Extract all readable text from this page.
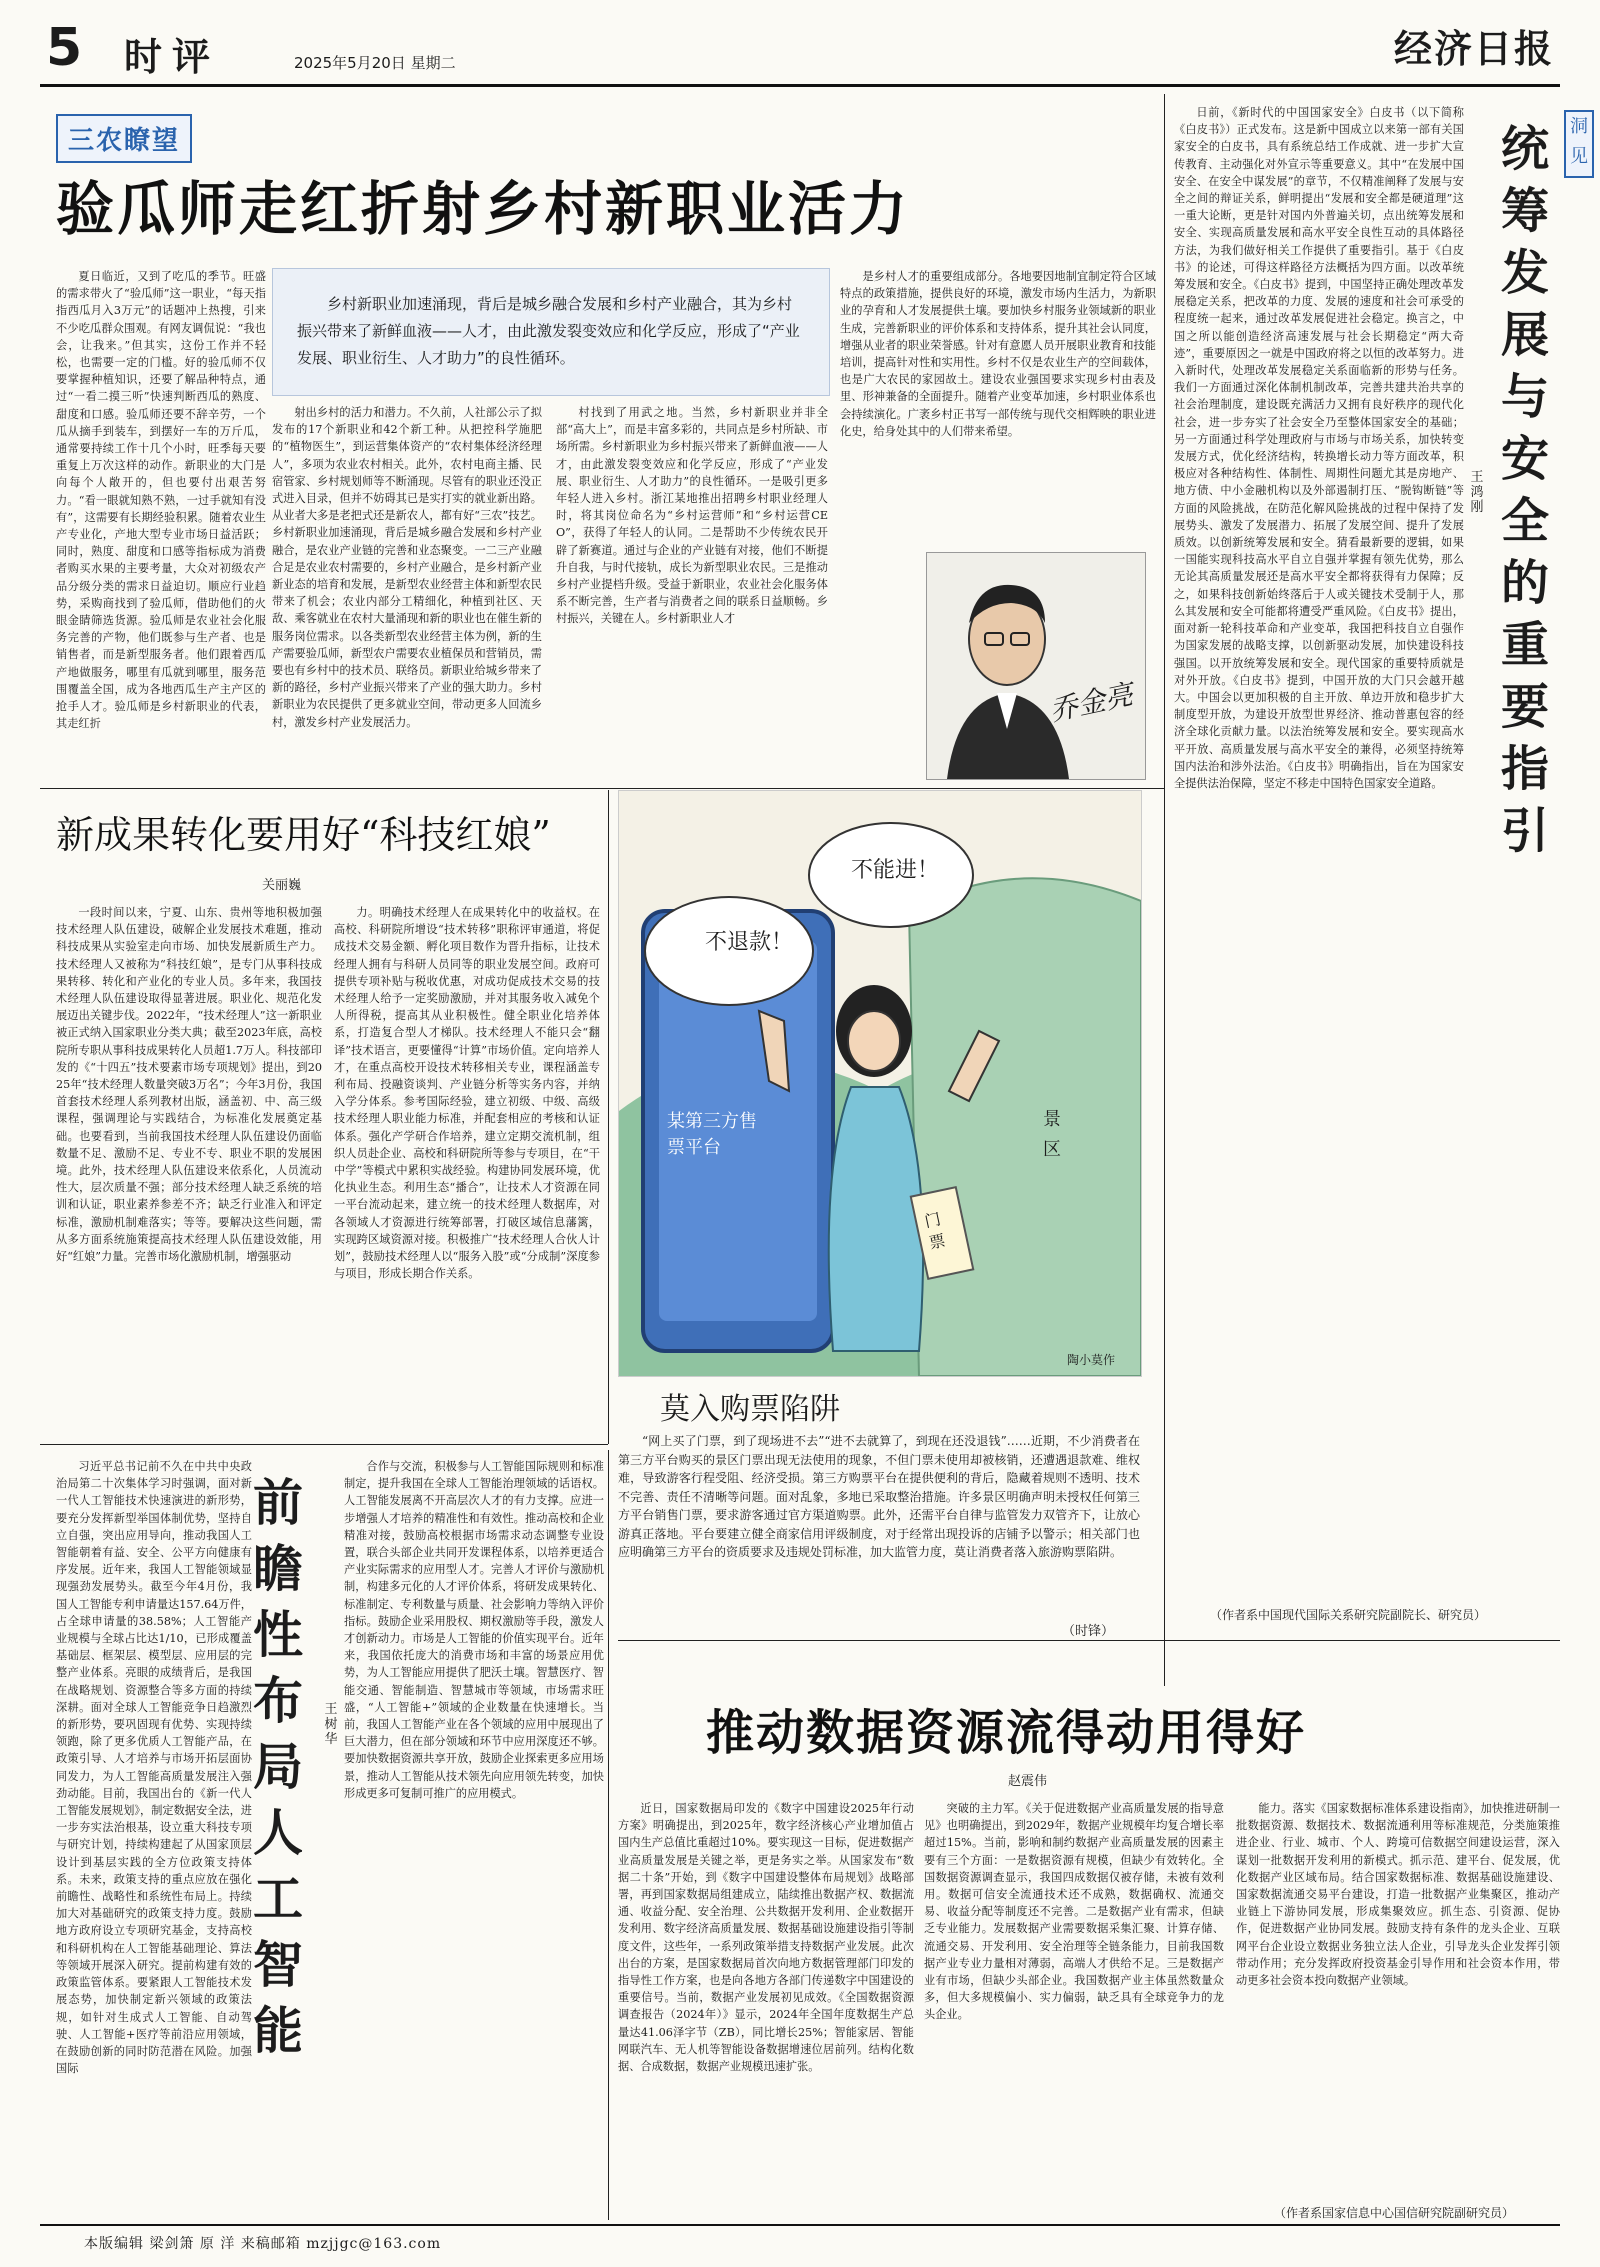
5 时评	2025年5月20日 星期二	经济日报
三农瞭望
验瓜师走红折射乡村新职业活力
乡村新职业加速涌现，背后是城乡融合发展和乡村产业融合，其为乡村振兴带来了新鲜血液——人才，由此激发裂变效应和化学反应，形成了“产业发展、职业衍生、人才助力”的良性循环。

夏日临近，又到了吃瓜的季节。旺盛的需求带火了“验瓜师”这一职业，“每天指指西瓜月入3万元”的话题冲上热搜，引来不少吃瓜群众围观。有网友调侃说：“我也会，让我来。”但其实，这份工作并不轻松，也需要一定的门槛。好的验瓜师不仅要掌握种植知识，还要了解品种特点，通过“一看二摸三听”快速判断西瓜的熟度、甜度和口感。验瓜师还要不辞辛劳，一个瓜从摘手到装车，到摆好一车的万斤瓜，通常要持续工作十几个小时，旺季每天要重复上万次这样的动作。新职业的大门是向每个人敞开的，但也要付出艰苦努力。“看一眼就知熟不熟，一过手就知有没有”，这需要有长期经验积累。随着农业生产专业化，产地大型专业市场日益活跃；同时，熟度、甜度和口感等指标成为消费者购买水果的主要考量，大众对初级农产品分级分类的需求日益迫切。顺应行业趋势，采购商找到了验瓜师，借助他们的火眼金睛筛选货源。验瓜师是农业社会化服务完善的产物，他们既参与生产者、也是销售者，而是新型服务者。他们跟着西瓜产地做服务，哪里有瓜就到哪里，服务范围覆盖全国，成为各地西瓜生产主产区的抢手人才。验瓜师是乡村新职业的代表，其走红折

射出乡村的活力和潜力。不久前，人社部公示了拟发布的17个新职业和42个新工种。从把控科学施肥的“植物医生”，到运营集体资产的“农村集体经济经理人”，多项为农业农村相关。此外，农村电商主播、民宿管家、乡村规划师等不断涌现。尽管有的职业还没正式进入目录，但并不妨碍其已是实打实的就业新出路。从业者大多是老把式还是新农人，都有好“三农”技艺。乡村新职业加速涌现，背后是城乡融合发展和乡村产业融合，是农业产业链的完善和业态聚变。一二三产业融合足是农业农村需要的，乡村产业融合，是乡村新产业新业态的培育和发展，是新型农业经营主体和新型农民带来了机会；农业内部分工精细化，种植到社区、天敌、乘客就业在农村大量涌现和新的职业也在催生新的服务岗位需求。以各类新型农业经营主体为例，新的生产需要验瓜师，新型农户需要农业植保员和营销员，需要也有乡村中的技术员、联络员。新职业给城乡带来了新的路径，乡村产业振兴带来了产业的强大助力。乡村新职业为农民提供了更多就业空间，带动更多人回流乡村，激发乡村产业发展活力。

村找到了用武之地。当然，乡村新职业并非全部“高大上”，而是丰富多彩的，共同点是乡村所缺、市场所需。乡村新职业为乡村振兴带来了新鲜血液——人才，由此激发裂变效应和化学反应，形成了“产业发展、职业衍生、人才助力”的良性循环。一是吸引更多年轻人进入乡村。浙江某地推出招聘乡村职业经理人时，将其岗位命名为“乡村运营师”和“乡村运营CEO”，获得了年轻人的认同。二是帮助不少传统农民开辟了新赛道。通过与企业的产业链有对接，他们不断提升自我，与时代接轨，成长为新型职业农民。三是推动乡村产业提档升级。受益于新职业，农业社会化服务体系不断完善，生产者与消费者之间的联系日益顺畅。乡村振兴，关键在人。乡村新职业人才

是乡村人才的重要组成部分。各地要因地制宜制定符合区域特点的政策措施，提供良好的环境，激发市场内生活力，为新职业的孕育和人才发展提供土壤。要加快乡村服务业领域新的职业生成，完善新职业的评价体系和支持体系，提升其社会认同度，增强从业者的职业荣誉感。针对有意愿人员开展职业教育和技能培训，提高针对性和实用性。乡村不仅是农业生产的空间载体，也是广大农民的家园故土。建设农业强国要求实现乡村由表及里、形神兼备的全面提升。随着产业变革加速，乡村职业体系也会持续演化。广袤乡村正书写一部传统与现代交相辉映的职业进化史，给身处其中的人们带来希望。

乔金亮
新成果转化要用好“科技红娘”
关丽巍

一段时间以来，宁夏、山东、贵州等地积极加强技术经理人队伍建设，破解企业发展技术难题，推动科技成果从实验室走向市场、加快发展新质生产力。技术经理人又被称为“科技红娘”，是专门从事科技成果转移、转化和产业化的专业人员。多年来，我国技术经理人队伍建设取得显著进展。职业化、规范化发展迈出关键步伐。2022年，“技术经理人”这一新职业被正式纳入国家职业分类大典；截至2023年底，高校院所专职从事科技成果转化人员超1.7万人。科技部印发的《“十四五”技术要素市场专项规划》提出，到2025年“技术经理人数量突破3万名”；今年3月份，我国首套技术经理人系列教材出版，涵盖初、中、高三级课程，强调理论与实践结合，为标准化发展奠定基础。也要看到，当前我国技术经理人队伍建设仍面临数量不足、激励不足、专业不专、职业不职的发展困境。此外，技术经理人队伍建设来依系化，人员流动性大，层次质量不强；部分技术经理人缺乏系统的培训和认证，职业素养参差不齐；缺乏行业准入和评定标准，激励机制难落实；等等。要解决这些问题，需从多方面系统施策提高技术经理人队伍建设效能，用好“红娘”力量。完善市场化激励机制，增强驱动

力。明确技术经理人在成果转化中的收益权。在高校、科研院所增设“技术转移”职称评审通道，将促成技术交易金额、孵化项目数作为晋升指标，让技术经理人拥有与科研人员同等的职业发展空间。政府可提供专项补贴与税收优惠，对成功促成技术交易的技术经理人给予一定奖励激励，并对其服务收入减免个人所得税，提高其从业积极性。健全职业化培养体系，打造复合型人才梯队。技术经理人不能只会“翻译”技术语言，更要懂得“计算”市场价值。定向培养人才，在重点高校开设技术转移相关专业，课程涵盖专利布局、投融资谈判、产业链分析等实务内容，并纳入学分体系。参考国际经验，建立初级、中级、高级技术经理人职业能力标准，并配套相应的考核和认证体系。强化产学研合作培养，建立定期交流机制，组织人员赴企业、高校和科研院所等参与专项目，在“干中学”等模式中累积实战经验。构建协同发展环境，优化执业生态。利用生态“播合”，让技术人才资源在同一平台流动起来，建立统一的技术经理人数据库，对各领域人才资源进行统筹部署，打破区域信息藩篱，实现跨区域资源对接。积极推广“技术经理人合伙人计划”，鼓励技术经理人以“服务入股”或“分成制”深度参与项目，形成长期合作关系。

不退款！
不能进！
某第三方售票平台
景区
门票
陶小莫作
莫入购票陷阱

“网上买了门票，到了现场进不去”“进不去就算了，到现在还没退钱”……近期，不少消费者在第三方平台购买的景区门票出现无法使用的现象，不但门票未使用却被核销，还遭遇退款难、维权难，导致游客行程受阻、经济受损。第三方购票平台在提供便利的背后，隐藏着规则不透明、技术不完善、责任不清晰等问题。面对乱象，多地已采取整治措施。许多景区明确声明未授权任何第三方平台销售门票，要求游客通过官方渠道购票。此外，还需平台自律与监管发力双管齐下，让放心游真正落地。平台要建立健全商家信用评级制度，对于经常出现投诉的店铺予以警示；相关部门也应明确第三方平台的资质要求及违规处罚标准，加大监管力度，莫让消费者落入旅游购票陷阱。

（时锋）

习近平总书记前不久在中共中央政治局第二十次集体学习时强调，面对新一代人工智能技术快速演进的新形势，要充分发挥新型举国体制优势，坚持自立自强，突出应用导向，推动我国人工智能朝着有益、安全、公平方向健康有序发展。近年来，我国人工智能领域显现强劲发展势头。截至今年4月份，我国人工智能专利申请量达157.64万件，占全球申请量的38.58%；人工智能产业规模与全球占比达1/10，已形成覆盖基础层、框架层、模型层、应用层的完整产业体系。亮眼的成绩背后，是我国在战略规划、资源整合等多方面的持续深耕。面对全球人工智能竞争日趋激烈的新形势，要巩固现有优势、实现持续领跑，除了更多优质人工智能产品，在政策引导、人才培养与市场开拓层面协同发力，为人工智能高质量发展注入强劲动能。目前，我国出台的《新一代人工智能发展规划》，制定数据安全法，进一步夯实法治根基，设立重大科技专项与研究计划，持续构建起了从国家顶层设计到基层实践的全方位政策支持体系。未来，政策支持的重点应放在强化前瞻性、战略性和系统性布局上。持续加大对基础研究的政策支持力度。鼓励地方政府设立专项研究基金，支持高校和科研机构在人工智能基础理论、算法等领域开展深入研究。提前构建有效的政策监管体系。要紧跟人工智能技术发展态势，加快制定新兴领域的政策法规，如针对生成式人工智能、自动驾驶、人工智能+医疗等前沿应用领域，在鼓励创新的同时防范潜在风险。加强国际

前瞻性布局人工智能
王树华

合作与交流，积极参与人工智能国际规则和标准制定，提升我国在全球人工智能治理领域的话语权。人工智能发展离不开高层次人才的有力支撑。应进一步增强人才培养的精准性和有效性。推动高校和企业精准对接，鼓励高校根据市场需求动态调整专业设置，联合头部企业共同开发课程体系，以培养更适合产业实际需求的应用型人才。完善人才评价与激励机制，构建多元化的人才评价体系，将研发成果转化、标准制定、专利数量与质量、社会影响力等纳入评价指标。鼓励企业采用股权、期权激励等手段，激发人才创新动力。市场是人工智能的价值实现平台。近年来，我国依托庞大的消费市场和丰富的场景应用优势，为人工智能应用提供了肥沃土壤。智慧医疗、智能交通、智能制造、智慧城市等领域，市场需求旺盛，“人工智能+”领域的企业数量在快速增长。当前，我国人工智能产业在各个领域的应用中展现出了巨大潜力，但在部分领域和环节中应用深度还不够。要加快数据资源共享开放，鼓励企业探索更多应用场景，推动人工智能从技术领先向应用领先转变，加快形成更多可复制可推广的应用模式。

日前，《新时代的中国国家安全》白皮书（以下简称《白皮书》）正式发布。这是新中国成立以来第一部有关国家安全的白皮书，具有系统总结工作成就、进一步扩大宣传教育、主动强化对外宣示等重要意义。其中“在发展中国安全、在安全中谋发展”的章节，不仅精准阐释了发展与安全之间的辩证关系，鲜明提出“发展和安全都是硬道理”这一重大论断，更是针对国内外普遍关切，点出统筹发展和安全、实现高质量发展和高水平安全良性互动的具体路径方法，为我们做好相关工作提供了重要指引。基于《白皮书》的论述，可得这样路径方法概括为四方面。以改革统筹发展和安全。《白皮书》提到，中国坚持正确处理改革发展稳定关系，把改革的力度、发展的速度和社会可承受的程度统一起来，通过改革发展促进社会稳定。换言之，中国之所以能创造经济高速发展与社会长期稳定“两大奇迹”，重要原因之一就是中国政府将之以恒的改革努力。进入新时代，处理改革发展稳定关系面临新的形势与任务。我们一方面通过深化体制机制改革，完善共建共治共享的社会治理制度，建设既充满活力又拥有良好秩序的现代化社会，进一步夯实了社会安全乃至整体国家安全的基础；另一方面通过科学处理政府与市场与市场关系，加快转变发展方式，优化经济结构，转换增长动力等方面改革，积极应对各种结构性、体制性、周期性问题尤其是房地产、地方债、中小金融机构以及外部遏制打压、“脱钩断链”等方面的风险挑战，在防范化解风险挑战的过程中保持了发展势头、激发了发展潜力、拓展了发展空间、提升了发展质效。以创新统筹发展和安全。猜看最新要的逻辑，如果一国能实现科技高水平自立自强并掌握有领先优势，那么无论其高质量发展还是高水平安全都将获得有力保障；反之，如果科技创新始终落后于人或关键技术受制于人，那么其发展和安全可能都将遭受严重风险。《白皮书》提出，面对新一轮科技革命和产业变革，我国把科技自立自强作为国家发展的战略支撑，以创新驱动发展，加快建设科技强国。以开放统筹发展和安全。现代国家的重要特质就是对外开放。《白皮书》提到，中国开放的大门只会越开越大。中国会以更加积极的自主开放、单边开放和稳步扩大制度型开放，为建设开放型世界经济、推动普惠包容的经济全球化贡献力量。以法治统筹发展和安全。要实现高水平开放、高质量发展与高水平安全的兼得，必须坚持统筹国内法治和涉外法治。《白皮书》明确指出，旨在为国家安全提供法治保障，坚定不移走中国特色国家安全道路。

统筹发展与安全的重要指引
洞见
王鸿刚
（作者系中国现代国际关系研究院副院长、研究员）
推动数据资源流得动用得好
赵震伟

近日，国家数据局印发的《数字中国建设2025年行动方案》明确提出，到2025年，数字经济核心产业增加值占国内生产总值比重超过10%。要实现这一目标，促进数据产业高质量发展是关键之举，更是务实之举。从国家发布“数据二十条”开始，到《数字中国建设整体布局规划》战略部署，再到国家数据局组建成立，陆续推出数据产权、数据流通、收益分配、安全治理、公共数据开发利用、企业数据开发利用、数字经济高质量发展、数据基础设施建设指引等制度文件，这些年，一系列政策举措支持数据产业发展。此次出台的方案，是国家数据局首次向地方数据管理部门印发的指导性工作方案，也是向各地方各部门传递数字中国建设的重要信号。当前，数据产业发展初见成效。《全国数据资源调查报告（2024年）》显示，2024年全国年度数据生产总量达41.06泽字节（ZB），同比增长25%；智能家居、智能网联汽车、无人机等智能设备数据增速位居前列。结构化数据、合成数据，数据产业规模迅速扩张。

突破的主力军。《关于促进数据产业高质量发展的指导意见》也明确提出，到2029年，数据产业规模年均复合增长率超过15%。当前，影响和制约数据产业高质量发展的因素主要有三个方面：一是数据资源有规模，但缺少有效转化。全国数据资源调查显示，我国四成数据仅被存储，未被有效利用。数据可信安全流通技术还不成熟，数据确权、流通交易、收益分配等制度还不完善。二是数据产业有需求，但缺乏专业能力。发展数据产业需要数据采集汇聚、计算存储、流通交易、开发利用、安全治理等全链条能力，目前我国数据产业专业力量相对薄弱，高端人才供给不足。三是数据产业有市场，但缺少头部企业。我国数据产业主体虽然数量众多，但大多规模偏小、实力偏弱，缺乏具有全球竞争力的龙头企业。

能力。落实《国家数据标准体系建设指南》，加快推进研制一批数据资源、数据技术、数据流通利用等标准规范，分类施策推进企业、行业、城市、个人、跨境可信数据空间建设运营，深入谋划一批数据开发利用的新模式。抓示范、建平台、促发展，优化数据产业区域布局。结合国家数据标准、数据基础设施建设、国家数据流通交易平台建设，打造一批数据产业集聚区，推动产业链上下游协同发展，形成集聚效应。抓生态、引资源、促协作，促进数据产业协同发展。鼓励支持有条件的龙头企业、互联网平台企业设立数据业务独立法人企业，引导龙头企业发挥引领带动作用；充分发挥政府投资基金引导作用和社会资本作用，带动更多社会资本投向数据产业领域。

（作者系国家信息中心国信研究院副研究员）
本版编辑 梁剑箫 原 洋 来稿邮箱 mzjjgc@163.com
